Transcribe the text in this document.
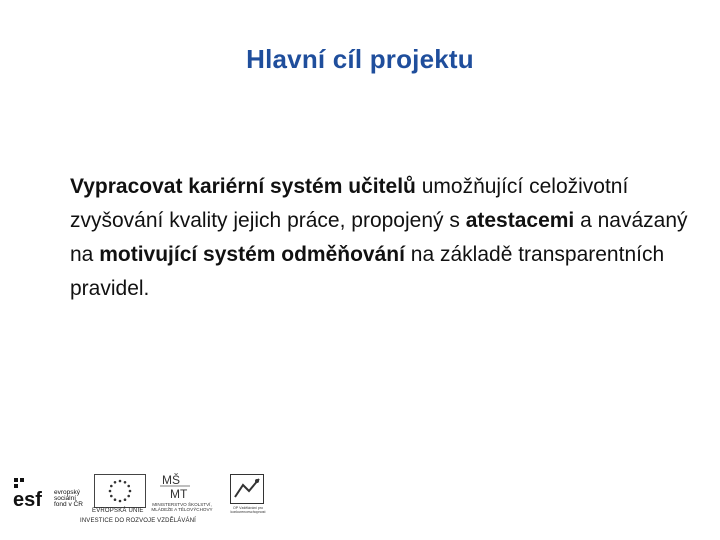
Hlavní cíl projektu
Vypracovat kariérní systém učitelů umožňující celoživotní zvyšování kvality jejich práce, propojený s atestacemi a navázaný na motivující systém odměňování na základě transparentních pravidel.
esf evropský sociální fond v ČR
EVROPSKÁ UNIE
MŠ
MT
MINISTERSTVO ŠKOLSTVÍ, MLÁDEŽE A TĚLOVÝCHOVY	OP Vzdělávání pro konkurenceschopnost
INVESTICE DO ROZVOJE VZDĚLÁVÁNÍ
